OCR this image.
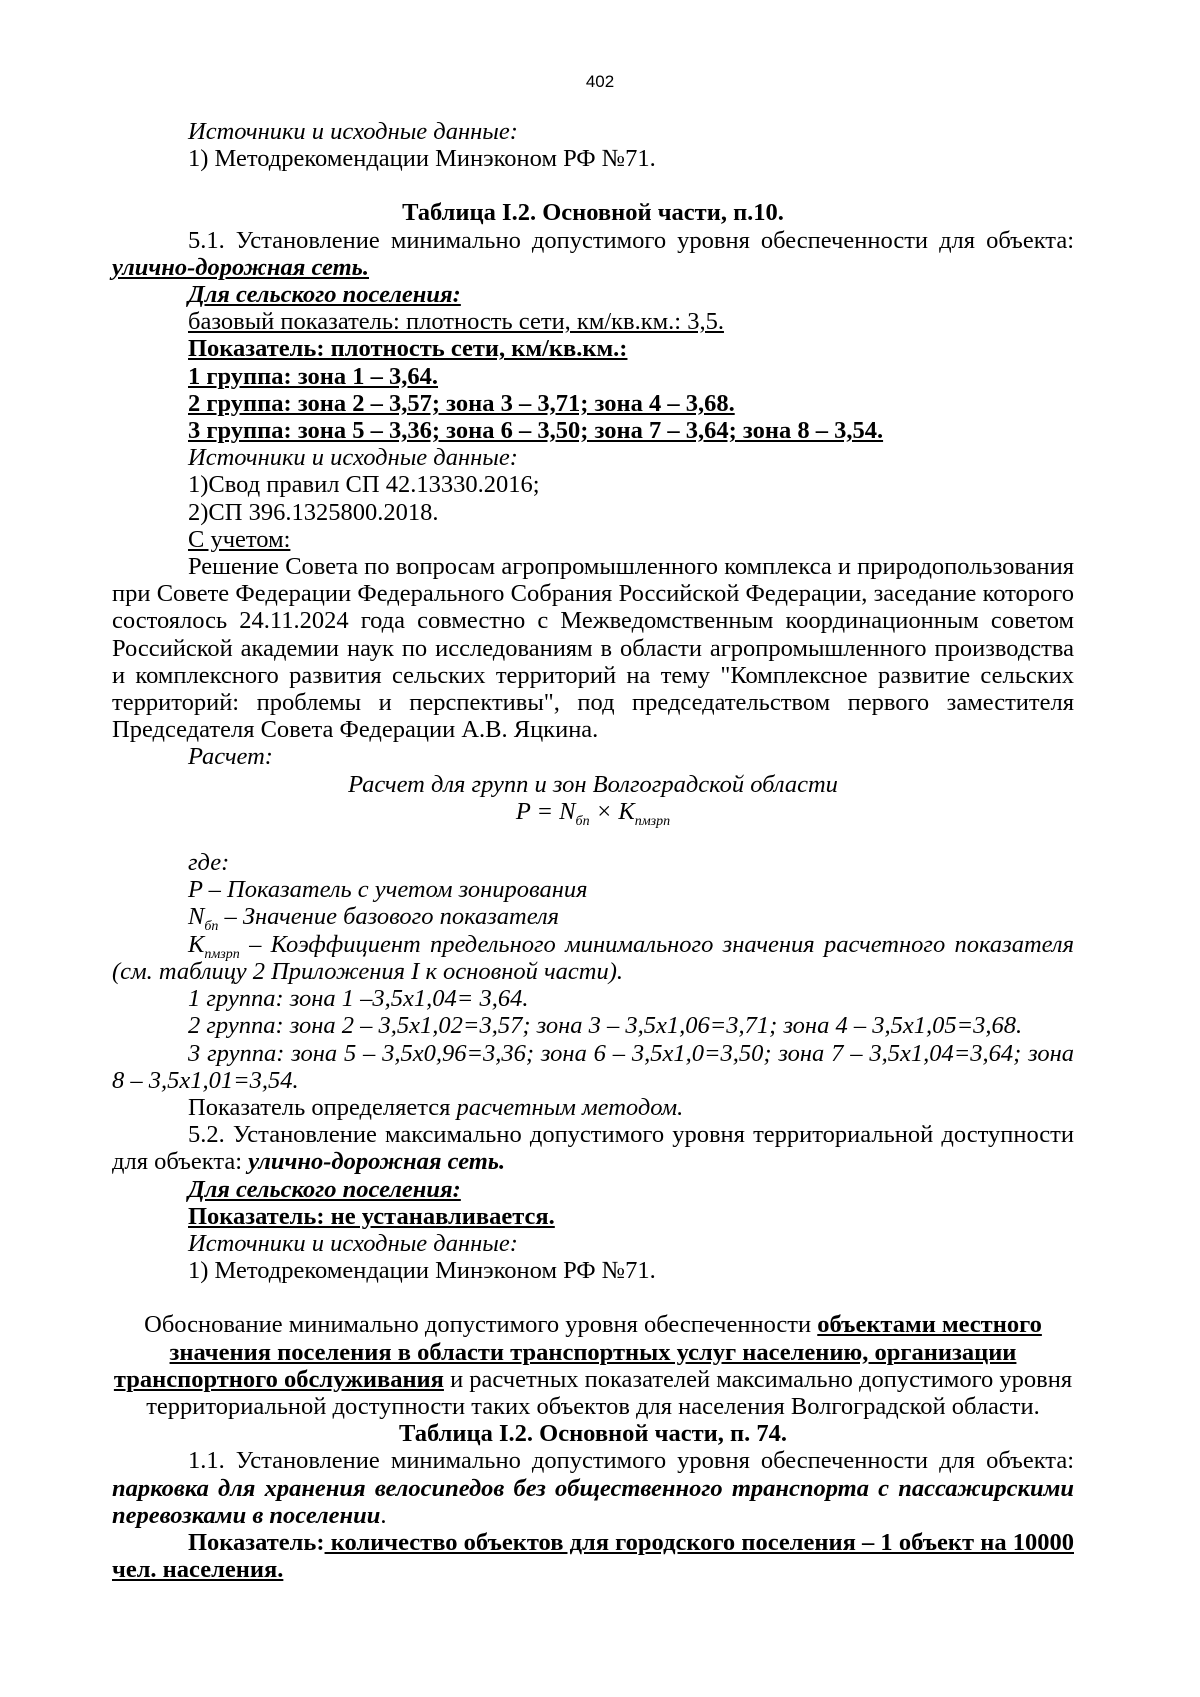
402

Источники и исходные данные:

1) Методрекомендации Минэконом РФ №71.

Таблица I.2. Основной части, п.10.

5.1. Установление минимально допустимого уровня обеспеченности для объекта: улично-дорожная сеть.

Для сельского поселения:

базовый показатель: плотность сети, км/кв.км.: 3,5.

Показатель: плотность сети, км/кв.км.:

1 группа: зона 1 – 3,64.

2 группа: зона 2 – 3,57; зона 3 – 3,71; зона 4 – 3,68.

3 группа: зона 5 – 3,36; зона 6 – 3,50; зона 7 – 3,64; зона 8 – 3,54.

Источники и исходные данные:

1)Свод правил СП 42.13330.2016;

2)СП 396.1325800.2018.

С учетом:

Решение Совета по вопросам агропромышленного комплекса и природопользования при Совете Федерации Федерального Собрания Российской Федерации, заседание которого состоялось 24.11.2024 года совместно с Межведомственным координационным советом Российской академии наук по исследованиям в области агропромышленного производства и комплексного развития сельских территорий на тему "Комплексное развитие сельских территорий: проблемы и перспективы", под председательством первого заместителя Председателя Совета Федерации А.В. Яцкина.

Расчет:

Расчет для групп и зон Волгоградской области

$P = N_{бп} \times K_{пмзрп}$

где:

P – Показатель с учетом зонирования

$N_{бп}$ – Значение базового показателя

$K_{пмзрп}$ – Коэффициент предельного минимального значения расчетного показателя (см. таблицу 2 Приложения I к основной части).

1 группа: зона 1 –3,5х1,04= 3,64.

2 группа: зона 2 – 3,5х1,02=3,57; зона 3 – 3,5х1,06=3,71; зона 4 – 3,5х1,05=3,68.

3 группа: зона 5 – 3,5х0,96=3,36; зона 6 – 3,5х1,0=3,50; зона 7 – 3,5х1,04=3,64; зона 8 – 3,5х1,01=3,54.

Показатель определяется расчетным методом.

5.2. Установление максимально допустимого уровня территориальной доступности для объекта: улично-дорожная сеть.

Для сельского поселения:

Показатель: не устанавливается.

Источники и исходные данные:

1) Методрекомендации Минэконом РФ №71.

Обоснование минимально допустимого уровня обеспеченности объектами местного значения поселения в области транспортных услуг населению, организации транспортного обслуживания и расчетных показателей максимально допустимого уровня территориальной доступности таких объектов для населения Волгоградской области.

Таблица I.2. Основной части, п. 74.

1.1. Установление минимально допустимого уровня обеспеченности для объекта: парковка для хранения велосипедов без общественного транспорта с пассажирскими перевозками в поселении.

Показатель: количество объектов для городского поселения – 1 объект на 10000 чел. населения.
